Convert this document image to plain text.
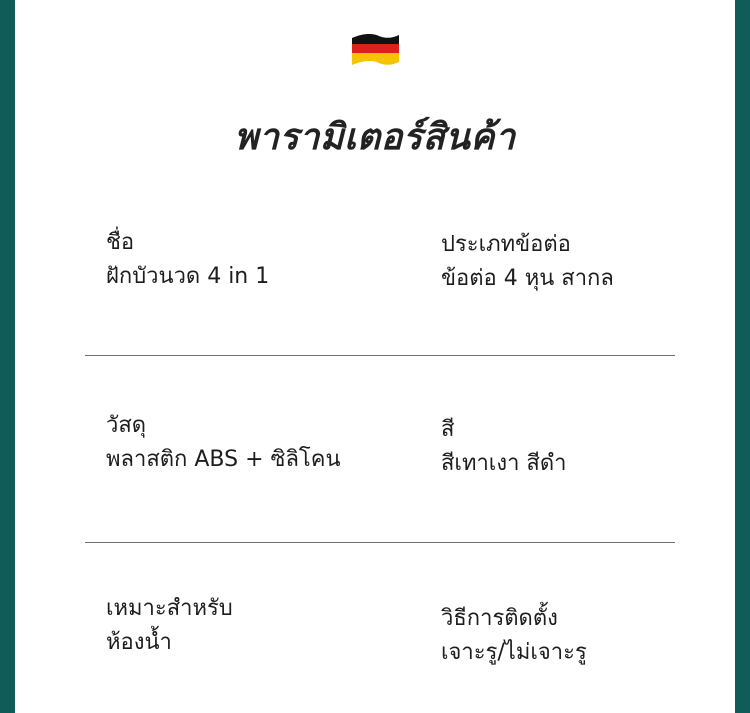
พารามิเตอร์สินค้า
ชื่อ
ฝักบัวนวด 4 in 1
ประเภทข้อต่อ
ข้อต่อ 4 หุน สากล
วัสดุ
พลาสติก ABS + ซิลิโคน
สี
สีเทาเงา สีดำ
เหมาะสำหรับ
ห้องน้ำ
วิธีการติดตั้ง
เจาะรู/ไม่เจาะรู
